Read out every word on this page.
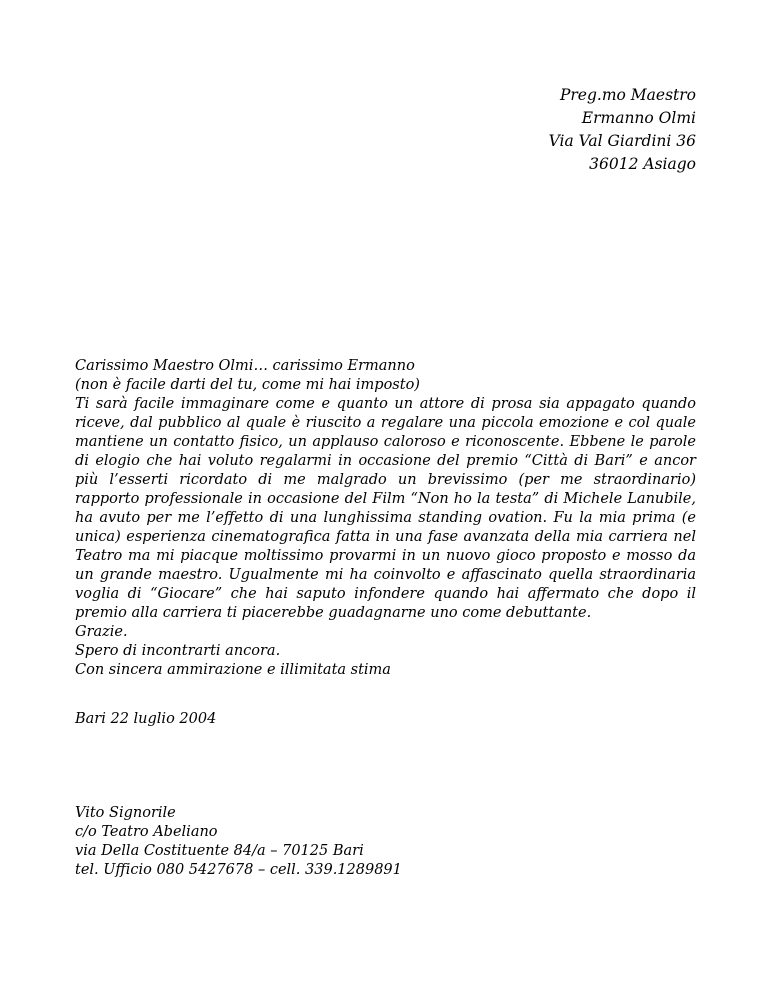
Preg.mo Maestro
Ermanno Olmi
Via Val Giardini 36
36012 Asiago

Carissimo Maestro Olmi… carissimo Ermanno

(non è facile darti del tu, come mi hai imposto)

Ti sarà facile immaginare come e quanto un attore di prosa sia appagato quando riceve, dal pubblico al quale è riuscito a regalare una piccola emozione e col quale mantiene un contatto fisico, un applauso caloroso e riconoscente. Ebbene le parole di elogio che hai voluto regalarmi in occasione del premio “Città di Bari” e ancor più l’esserti ricordato di me malgrado un brevissimo (per me straordinario) rapporto professionale in occasione del Film “Non ho la testa” di Michele Lanubile, ha avuto per me l’effetto di una lunghissima standing ovation. Fu la mia prima (e unica) esperienza cinematografica fatta in una fase avanzata della mia carriera nel Teatro ma mi piacque moltissimo provarmi in un nuovo gioco proposto e mosso da un grande maestro. Ugualmente mi ha coinvolto e affascinato quella straordinaria voglia di “Giocare” che hai saputo infondere quando hai affermato che dopo il premio alla carriera ti piacerebbe guadagnarne uno come debuttante.

Grazie.

Spero di incontrarti ancora.

Con sincera ammirazione e illimitata stima

Bari 22 luglio 2004
Vito Signorile
c/o Teatro Abeliano
via Della Costituente 84/a – 70125 Bari
tel. Ufficio 080 5427678 – cell. 339.1289891
